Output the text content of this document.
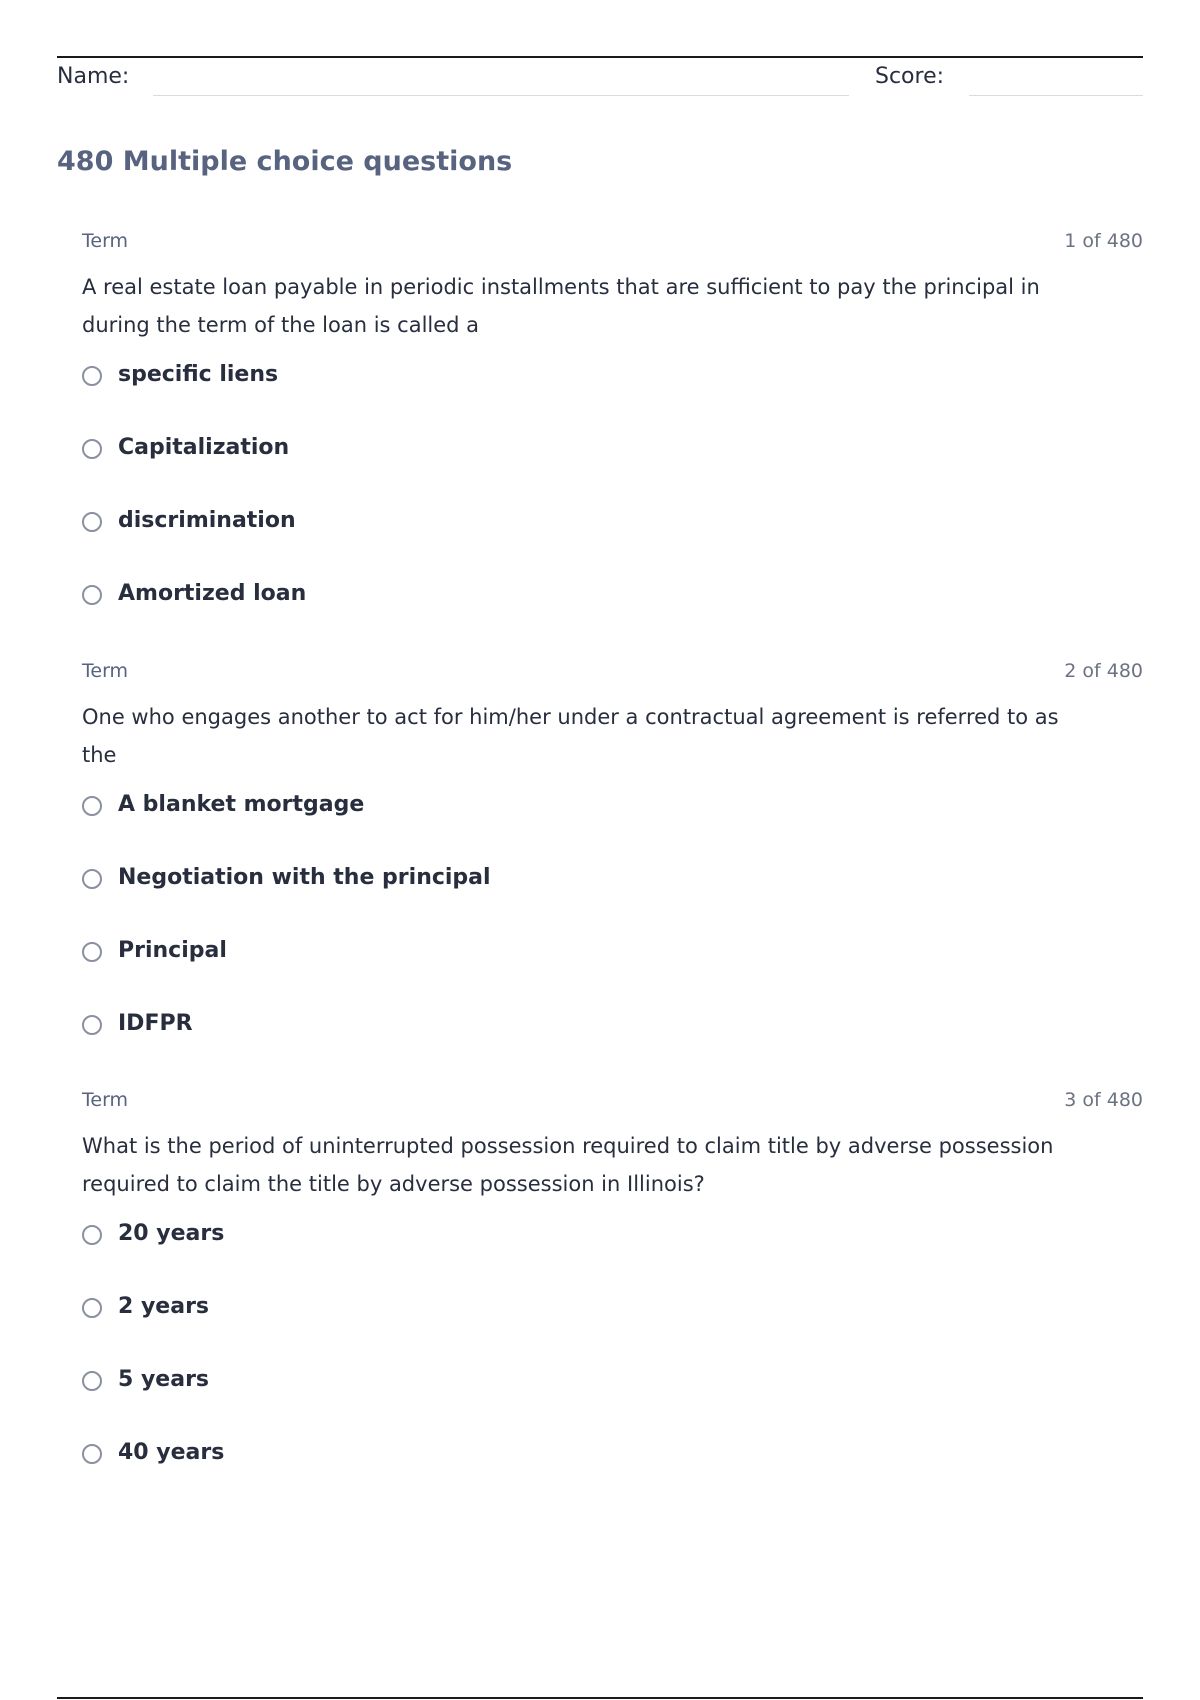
Name:	Score:
480 Multiple choice questions
Term	1 of 480
A real estate loan payable in periodic installments that are sufficient to pay the principal in during the term of the loan is called a
specific liens
Capitalization
discrimination
Amortized loan
Term	2 of 480
One who engages another to act for him/her under a contractual agreement is referred to as the
A blanket mortgage
Negotiation with the principal
Principal
IDFPR
Term	3 of 480
What is the period of uninterrupted possession required to claim title by adverse possession required to claim the title by adverse possession in Illinois?
20 years
2 years
5 years
40 years
